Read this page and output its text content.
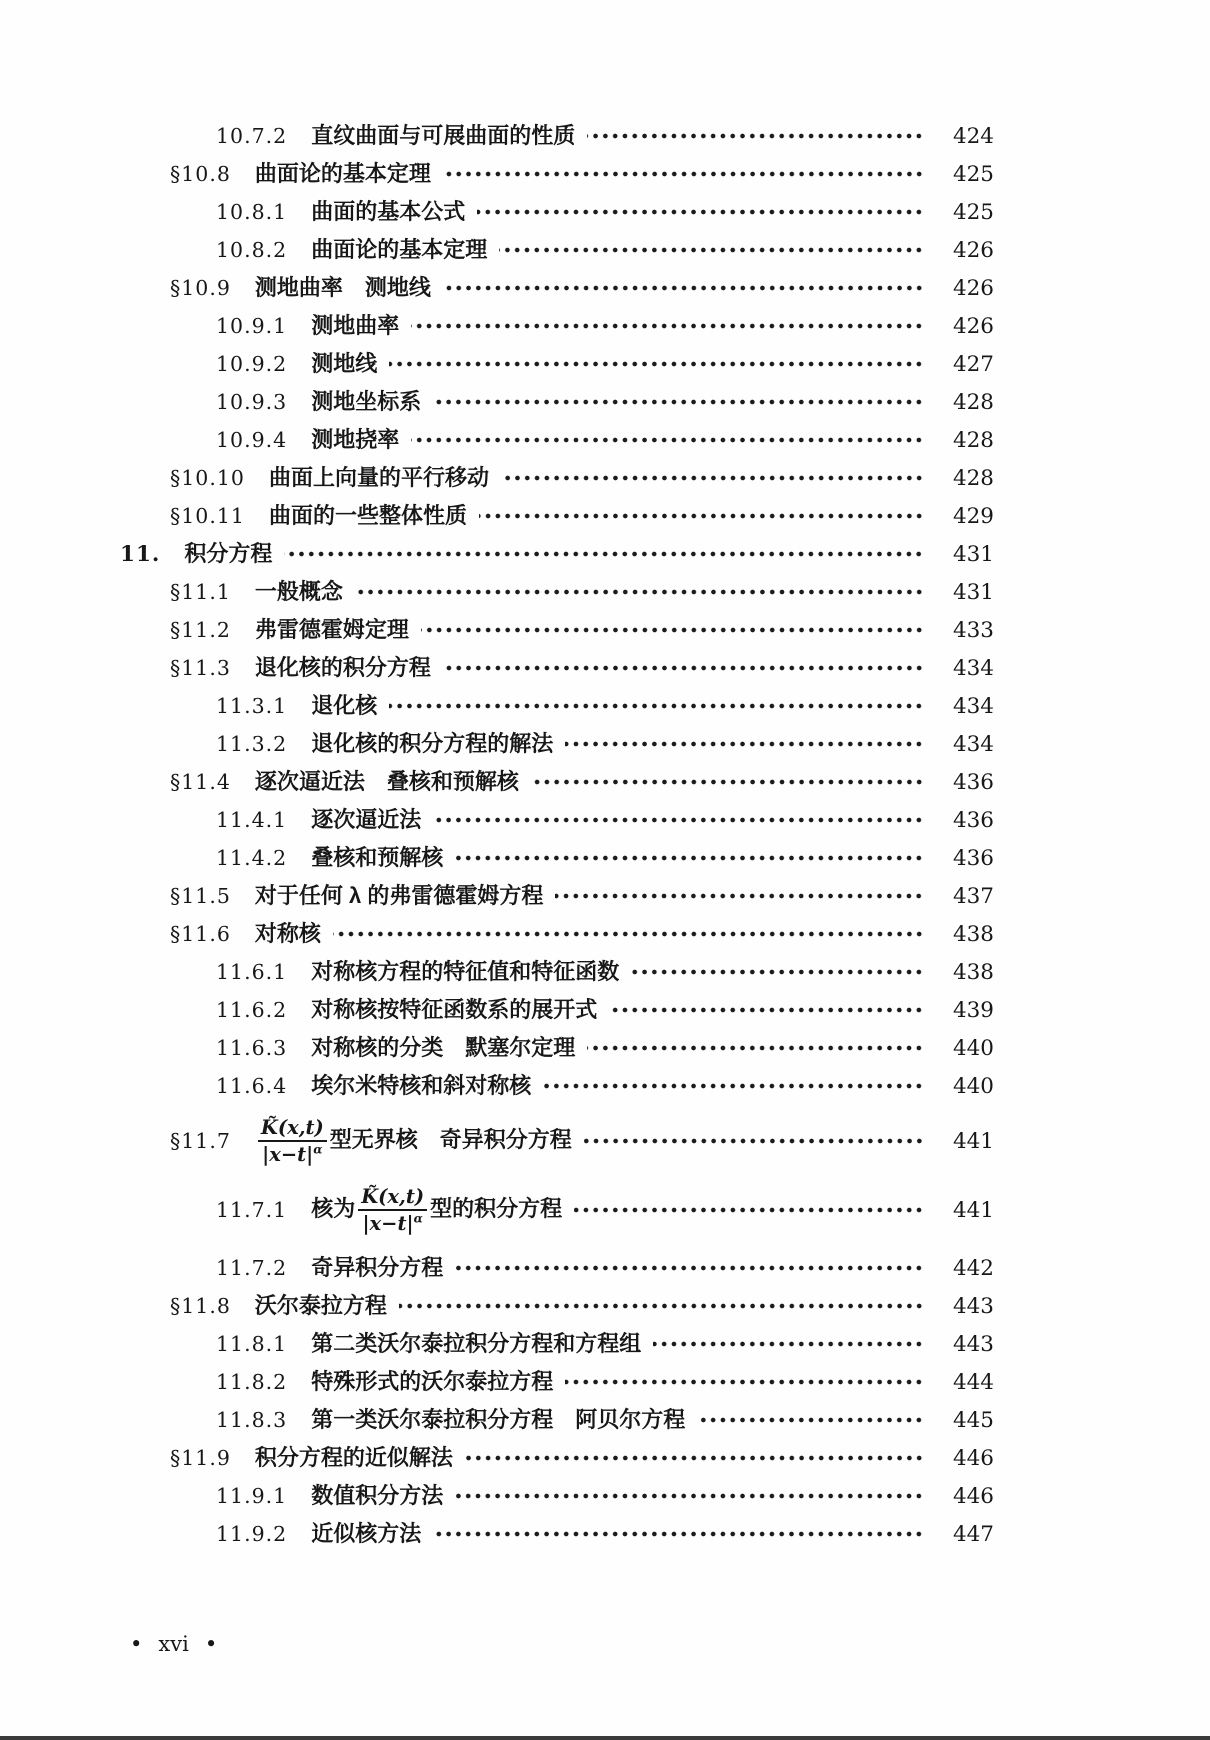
10.7.2 直纹曲面与可展曲面的性质	424
§10.8 曲面论的基本定理	425
10.8.1 曲面的基本公式	425
10.8.2 曲面论的基本定理	426
§10.9 测地曲率　测地线	426
10.9.1 测地曲率	426
10.9.2 测地线	427
10.9.3 测地坐标系	428
10.9.4 测地挠率	428
§10.10 曲面上向量的平行移动	428
§10.11 曲面的一些整体性质	429
11. 积分方程	431
§11.1 一般概念	431
§11.2 弗雷德霍姆定理	433
§11.3 退化核的积分方程	434
11.3.1 退化核	434
11.3.2 退化核的积分方程的解法	434
§11.4 逐次逼近法　叠核和预解核	436
11.4.1 逐次逼近法	436
11.4.2 叠核和预解核	436
§11.5 对于任何 λ 的弗雷德霍姆方程	437
§11.6 对称核	438
11.6.1 对称核方程的特征值和特征函数	438
11.6.2 对称核按特征函数系的展开式	439
11.6.3 对称核的分类　默塞尔定理	440
11.6.4 埃尔米特核和斜对称核	440
§11.7 $\frac{K̃(x,t)}{|x-t|^\alpha}$ 型无界核　奇异积分方程	441
11.7.1 核为 $\frac{K̃(x,t)}{|x-t|^\alpha}$ 型的积分方程	441
11.7.2 奇异积分方程	442
§11.8 沃尔泰拉方程	443
11.8.1 第二类沃尔泰拉积分方程和方程组	443
11.8.2 特殊形式的沃尔泰拉方程	444
11.8.3 第一类沃尔泰拉积分方程　阿贝尔方程	445
§11.9 积分方程的近似解法	446
11.9.1 数值积分方法	446
11.9.2 近似核方法	447
• xvi •
